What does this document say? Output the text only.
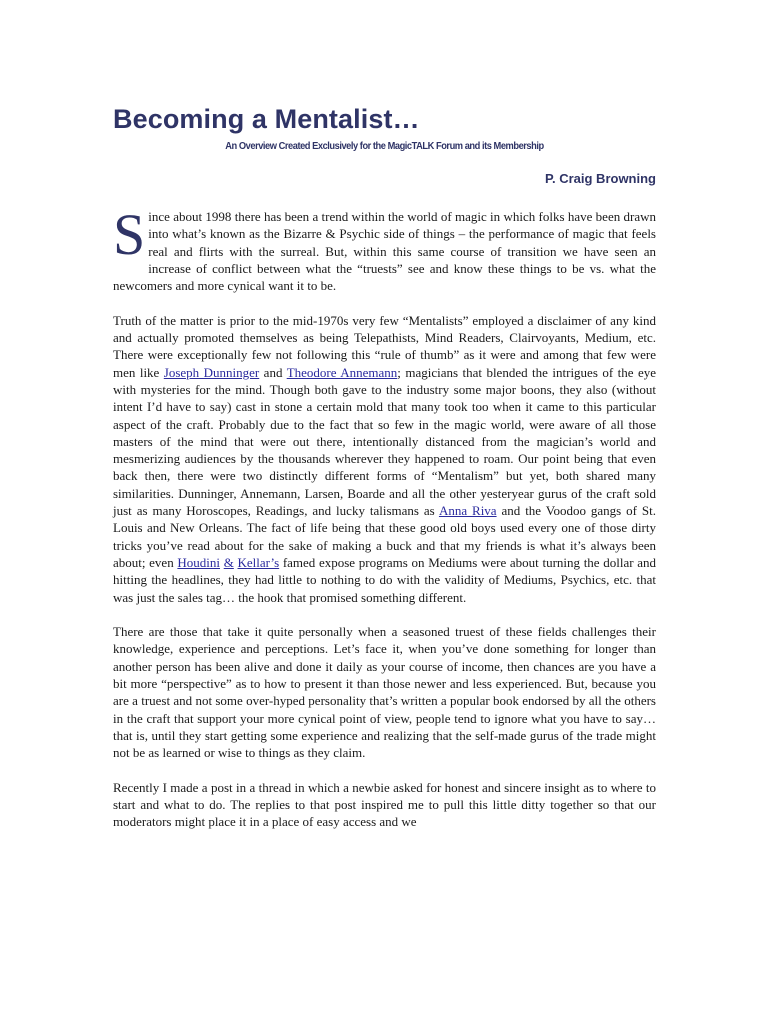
Becoming a Mentalist…
An Overview Created Exclusively for the MagicTALK Forum and its Membership
P. Craig Browning

Since about 1998 there has been a trend within the world of magic in which folks have been drawn into what’s known as the Bizarre & Psychic side of things – the performance of magic that feels real and flirts with the surreal. But, within this same course of transition we have seen an increase of conflict between what the “truests” see and know these things to be vs. what the newcomers and more cynical want it to be.

Truth of the matter is prior to the mid-1970s very few “Mentalists” employed a disclaimer of any kind and actually promoted themselves as being Telepathists, Mind Readers, Clairvoyants, Medium, etc. There were exceptionally few not following this “rule of thumb” as it were and among that few were men like Joseph Dunninger and Theodore Annemann; magicians that blended the intrigues of the eye with mysteries for the mind. Though both gave to the industry some major boons, they also (without intent I’d have to say) cast in stone a certain mold that many took too when it came to this particular aspect of the craft. Probably due to the fact that so few in the magic world, were aware of all those masters of the mind that were out there, intentionally distanced from the magician’s world and mesmerizing audiences by the thousands wherever they happened to roam. Our point being that even back then, there were two distinctly different forms of “Mentalism” but yet, both shared many similarities. Dunninger, Annemann, Larsen, Boarde and all the other yesteryear gurus of the craft sold just as many Horoscopes, Readings, and lucky talismans as Anna Riva and the Voodoo gangs of St. Louis and New Orleans. The fact of life being that these good old boys used every one of those dirty tricks you’ve read about for the sake of making a buck and that my friends is what it’s always been about; even Houdini & Kellar’s famed expose programs on Mediums were about turning the dollar and hitting the headlines, they had little to nothing to do with the validity of Mediums, Psychics, etc. that was just the sales tag… the hook that promised something different.

There are those that take it quite personally when a seasoned truest of these fields challenges their knowledge, experience and perceptions. Let’s face it, when you’ve done something for longer than another person has been alive and done it daily as your course of income, then chances are you have a bit more “perspective” as to how to present it than those newer and less experienced. But, because you are a truest and not some over-hyped personality that’s written a popular book endorsed by all the others in the craft that support your more cynical point of view, people tend to ignore what you have to say… that is, until they start getting some experience and realizing that the self-made gurus of the trade might not be as learned or wise to things as they claim.

Recently I made a post in a thread in which a newbie asked for honest and sincere insight as to where to start and what to do. The replies to that post inspired me to pull this little ditty together so that our moderators might place it in a place of easy access and we
